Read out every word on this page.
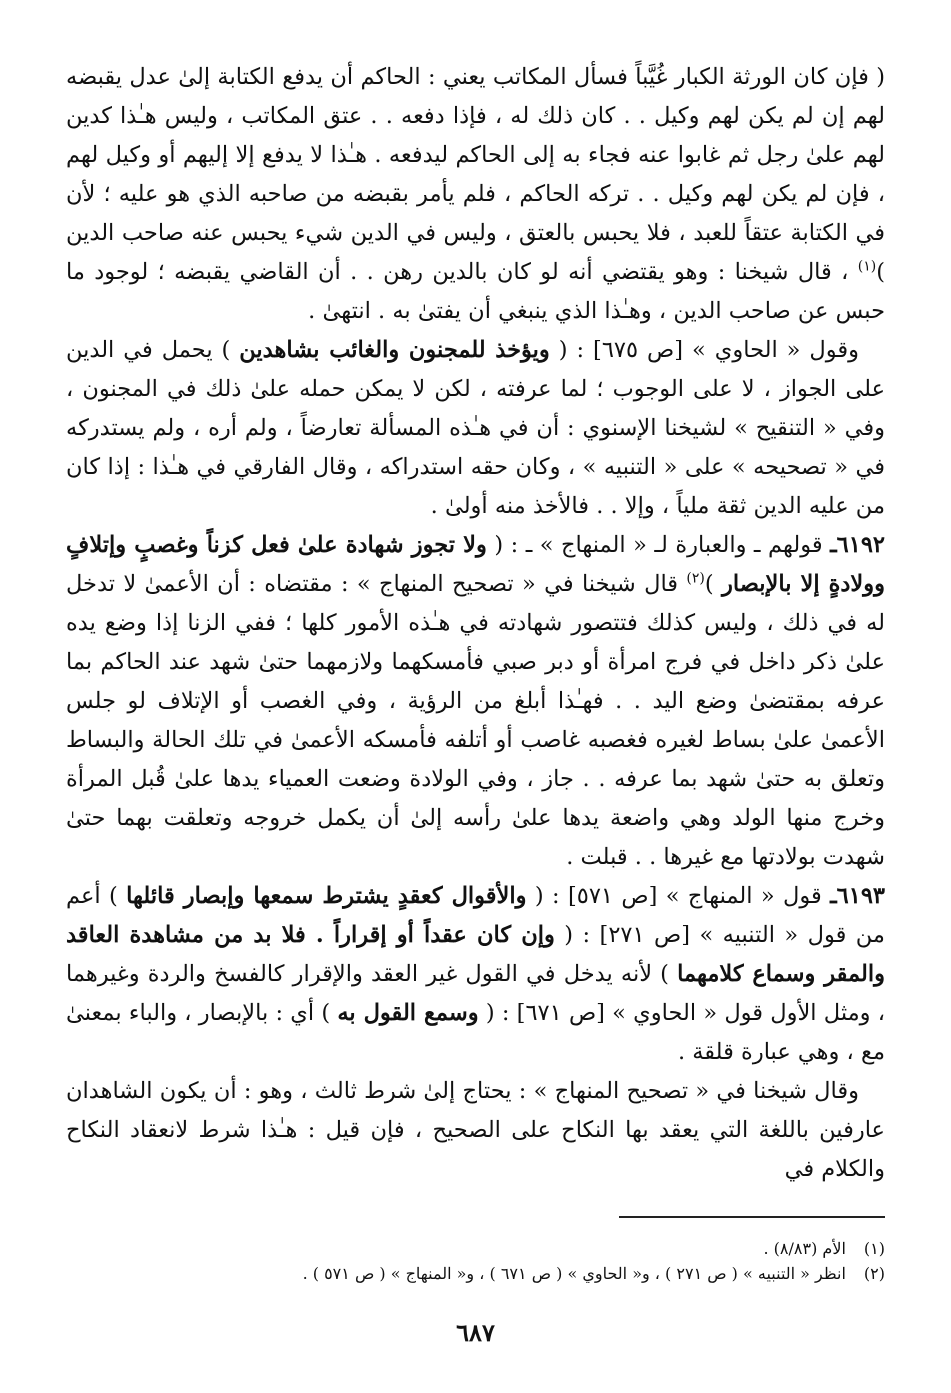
( فإن كان الورثة الكبار غُيَّباً فسأل المكاتب يعني : الحاكم أن يدفع الكتابة إلىٰ عدل يقبضه لهم إن لم يكن لهم وكيل . . كان ذلك له ، فإذا دفعه . . عتق المكاتب ، وليس هـٰذا كدين لهم علىٰ رجل ثم غابوا عنه فجاء به إلى الحاكم ليدفعه . هـٰذا لا يدفع إلا إليهم أو وكيل لهم ، فإن لم يكن لهم وكيل . . تركه الحاكم ، فلم يأمر بقبضه من صاحبه الذي هو عليه ؛ لأن في الكتابة عتقاً للعبد ، فلا يحبس بالعتق ، وليس في الدين شيء يحبس عنه صاحب الدين )$^{(١)}$ ، قال شيخنا : وهو يقتضي أنه لو كان بالدين رهن . . أن القاضي يقبضه ؛ لوجود ما حبس عن صاحب الدين ، وهـٰذا الذي ينبغي أن يفتىٰ به . انتهىٰ .

وقول « الحاوي » [ص ٦٧٥] : ( ويؤخذ للمجنون والغائب بشاهدين ) يحمل في الدين على الجواز ، لا على الوجوب ؛ لما عرفته ، لكن لا يمكن حمله علىٰ ذلك في المجنون ، وفي « التنقيح » لشيخنا الإسنوي : أن في هـٰذه المسألة تعارضاً ، ولم أره ، ولم يستدركه في « تصحيحه » على « التنبيه » ، وكان حقه استدراكه ، وقال الفارقي في هـٰذا : إذا كان من عليه الدين ثقة ملياً ، وإلا . . فالأخذ منه أولىٰ .

٦١٩٢ـ قولهم ـ والعبارة لـ « المنهاج » ـ : ( ولا تجوز شهادة علىٰ فعل كزناً وغصبٍ وإتلافٍ وولادةٍ إلا بالإبصار )$^{(٢)}$ قال شيخنا في « تصحيح المنهاج » : مقتضاه : أن الأعمىٰ لا تدخل له في ذلك ، وليس كذلك فتتصور شهادته في هـٰذه الأمور كلها ؛ ففي الزنا إذا وضع يده علىٰ ذكر داخل في فرج امرأة أو دبر صبي فأمسكهما ولازمهما حتىٰ شهد عند الحاكم بما عرفه بمقتضىٰ وضع اليد . . فهـٰذا أبلغ من الرؤية ، وفي الغصب أو الإتلاف لو جلس الأعمىٰ علىٰ بساط لغيره فغصبه غاصب أو أتلفه فأمسكه الأعمىٰ في تلك الحالة والبساط وتعلق به حتىٰ شهد بما عرفه . . جاز ، وفي الولادة وضعت العمياء يدها علىٰ قُبل المرأة وخرج منها الولد وهي واضعة يدها علىٰ رأسه إلىٰ أن يكمل خروجه وتعلقت بهما حتىٰ شهدت بولادتها مع غيرها . . قبلت .

٦١٩٣ـ قول « المنهاج » [ص ٥٧١] : ( والأقوال كعقدٍ يشترط سمعها وإبصار قائلها ) أعم من قول « التنبيه » [ص ٢٧١] : ( وإن كان عقداً أو إقراراً . فلا بد من مشاهدة العاقد والمقر وسماع كلامهما ) لأنه يدخل في القول غير العقد والإقرار كالفسخ والردة وغيرهما ، ومثل الأول قول « الحاوي » [ص ٦٧١] : ( وسمع القول به ) أي : بالإبصار ، والباء بمعنىٰ مع ، وهي عبارة قلقة .

وقال شيخنا في « تصحيح المنهاج » : يحتاج إلىٰ شرط ثالث ، وهو : أن يكون الشاهدان عارفين باللغة التي يعقد بها النكاح على الصحيح ، فإن قيل : هـٰذا شرط لانعقاد النكاح والكلام في

(١) الأم (٨/٨٣) .

(٢) انظر « التنبيه » ( ص ٢٧١ ) ، و« الحاوي » ( ص ٦٧١ ) ، و« المنهاج » ( ص ٥٧١ ) .

٦٨٧
